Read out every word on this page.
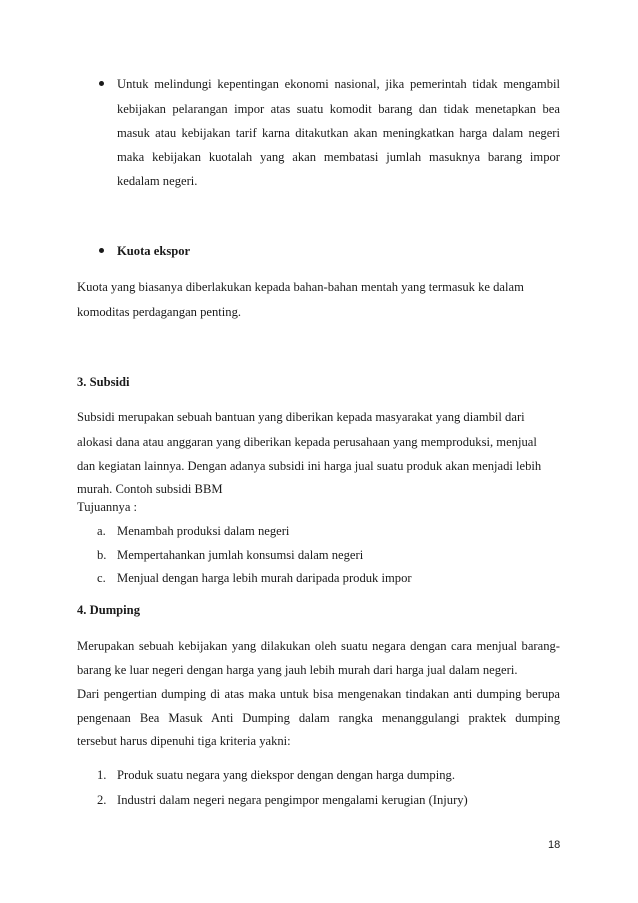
Untuk melindungi kepentingan ekonomi nasional, jika pemerintah tidak mengambil
kebijakan pelarangan impor atas suatu komodit barang dan tidak menetapkan bea
masuk atau kebijakan tarif karna ditakutkan akan meningkatkan harga dalam negeri
maka kebijakan kuotalah yang akan membatasi jumlah masuknya barang impor
kedalam negeri.
Kuota ekspor
Kuota yang biasanya diberlakukan kepada bahan-bahan mentah yang termasuk ke dalam
komoditas perdagangan penting.
3. Subsidi
Subsidi merupakan sebuah bantuan yang diberikan kepada masyarakat yang diambil dari
alokasi dana atau anggaran yang diberikan kepada perusahaan yang memproduksi, menjual
dan kegiatan lainnya. Dengan adanya subsidi ini harga jual suatu produk akan menjadi lebih
murah. Contoh subsidi BBM
Tujuannya :
a. Menambah produksi dalam negeri
b. Mempertahankan jumlah konsumsi dalam negeri
c. Menjual dengan harga lebih murah daripada produk impor
4. Dumping
Merupakan sebuah kebijakan yang dilakukan oleh suatu negara dengan cara menjual barang-
barang ke luar negeri dengan harga yang jauh lebih murah dari harga jual dalam negeri.
Dari pengertian dumping di atas maka untuk bisa mengenakan tindakan anti dumping berupa
pengenaan Bea Masuk Anti Dumping dalam rangka menanggulangi praktek dumping
tersebut harus dipenuhi tiga kriteria yakni:
1. Produk suatu negara yang diekspor dengan dengan harga dumping.
2. Industri dalam negeri negara pengimpor mengalami kerugian (Injury)
18
